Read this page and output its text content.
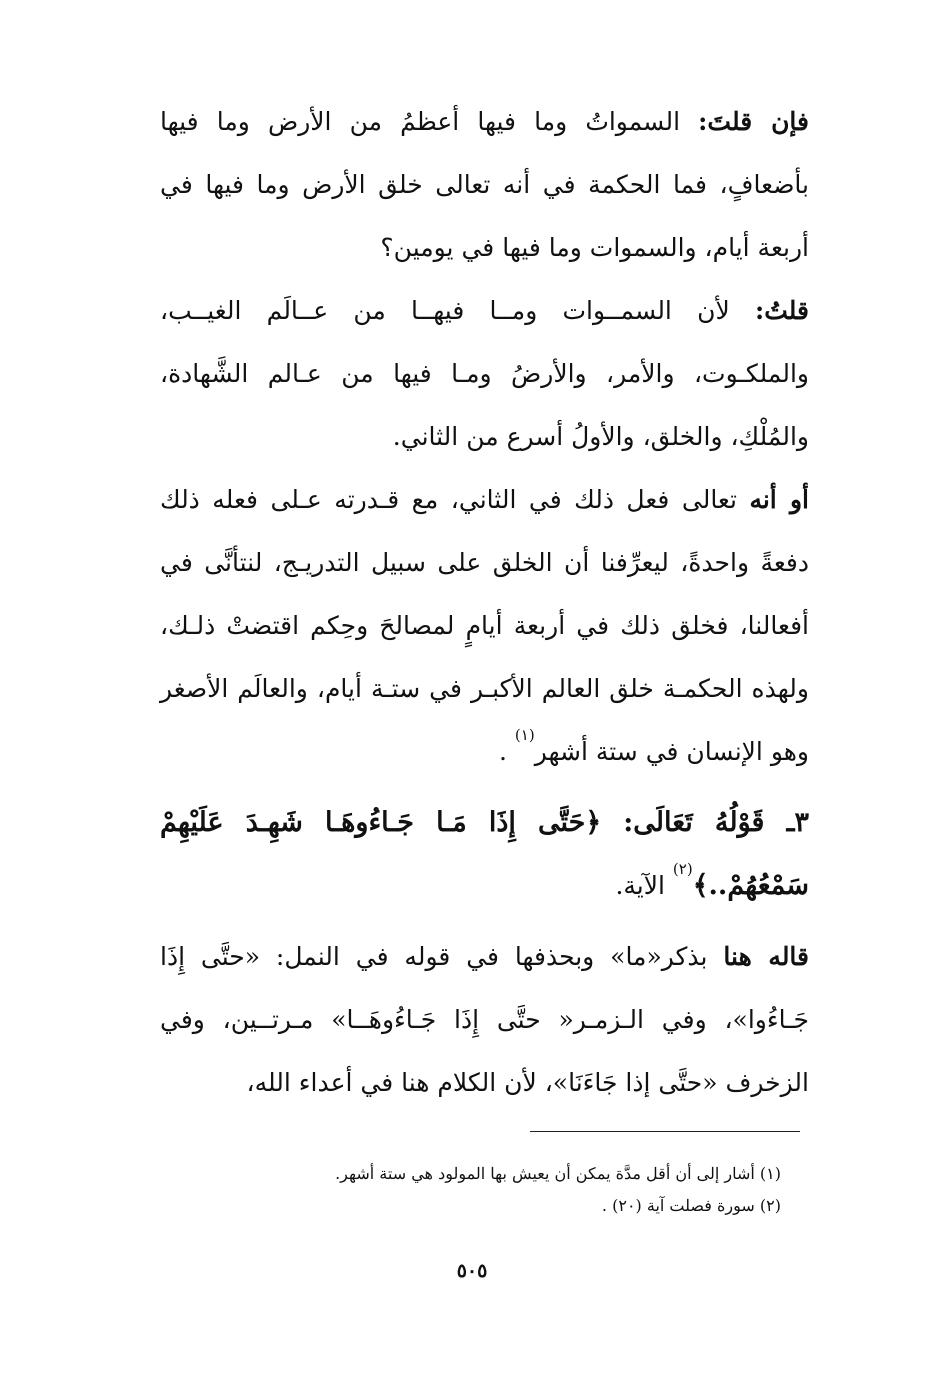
فإن قلتَ: السمواتُ وما فيها أعظمُ من الأرض وما فيها بأضعافٍ، فما الحكمة في أنه تعالى خلق الأرض وما فيها في أربعة أيام، والسموات وما فيها في يومين؟

قلتُ: لأن السمــوات ومــا فيهــا من عــالَم الغيــب، والملكـوت، والأمر، والأرضُ ومـا فيها من عـالم الشَّهادة، والمُلْكِ، والخلق، والأولُ أسرع من الثاني.

أو أنه تعالى فعل ذلك في الثاني، مع قـدرته عـلى فعله ذلك دفعةً واحدةً، ليعرِّفنا أن الخلق على سبيل التدريـج، لنتأنَّى في أفعالنا، فخلق ذلك في أربعة أيامٍ لمصالحَ وحِكم اقتضتْ ذلـك، ولهذه الحكمـة خلق العالم الأكبـر في ستـة أيام، والعالَم الأصغر وهو الإنسان في ستة أشهر$^{(١)}$ .

٣ـ قَوْلُهُ تَعَالَى: ﴿حَتَّى إِذَا مَـا جَـاءُوهَـا شَهِـدَ عَلَيْهِمْ سَمْعُهُمْ..﴾$^{(٢)}$ الآية.

قاله هنا بذكر«ما» وبحذفها في قوله في النمل: «حتَّى إِذَا جَـاءُوا»، وفي الـزمـر« حتَّى إِذَا جَـاءُوهَــا» مـرتــين، وفي الزخرف «حتَّى إذا جَاءَنَا»، لأن الكلام هنا في أعداء الله،

(١) أشار إلى أن أقل مدَّة يمكن أن يعيش بها المولود هي ستة أشهر.

(٢) سورة فصلت آية (٢٠) .

٥٠٥
